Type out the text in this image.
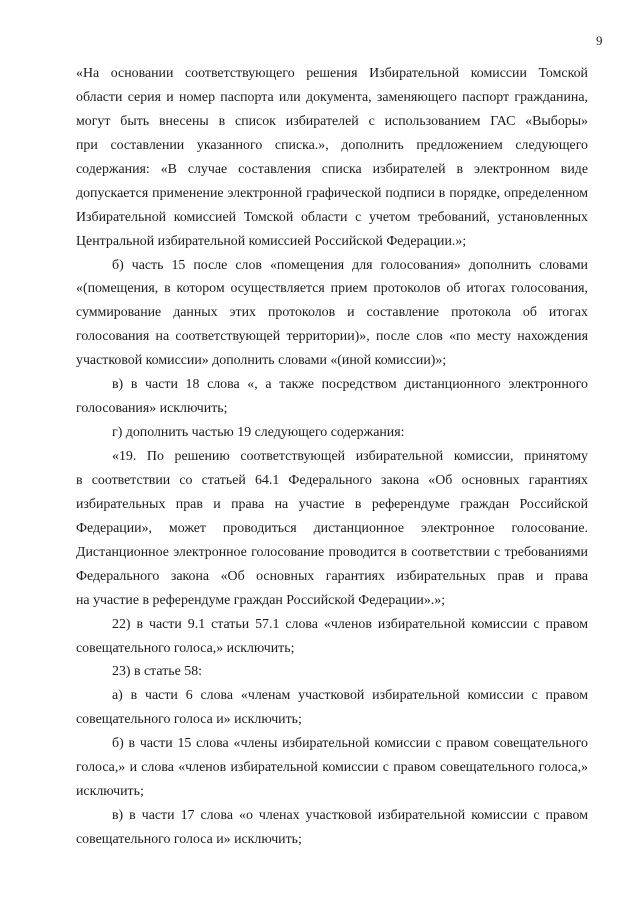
9

«На основании соответствующего решения Избирательной комиссии Томской
области серия и номер паспорта или документа, заменяющего паспорт гражданина,
могут быть внесены в список избирателей с использованием ГАС «Выборы»
при составлении указанного списка.», дополнить предложением следующего
содержания: «В случае составления списка избирателей в электронном виде
допускается применение электронной графической подписи в порядке, определенном
Избирательной комиссией Томской области с учетом требований, установленных
Центральной избирательной комиссией Российской Федерации.»;

б) часть 15 после слов «помещения для голосования» дополнить словами
«(помещения, в котором осуществляется прием протоколов об итогах голосования,
суммирование данных этих протоколов и составление протокола об итогах
голосования на соответствующей территории)», после слов «по месту нахождения
участковой комиссии» дополнить словами «(иной комиссии)»;

в) в части 18 слова «, а также посредством дистанционного электронного
голосования» исключить;

г) дополнить частью 19 следующего содержания:

«19. По решению соответствующей избирательной комиссии, принятому
в соответствии со статьей 64.1 Федерального закона «Об основных гарантиях
избирательных прав и права на участие в референдуме граждан Российской
Федерации», может проводиться дистанционное электронное голосование.
Дистанционное электронное голосование проводится в соответствии с требованиями
Федерального закона «Об основных гарантиях избирательных прав и права
на участие в референдуме граждан Российской Федерации».»;

22) в части 9.1 статьи 57.1 слова «членов избирательной комиссии с правом
совещательного голоса,» исключить;

23) в статье 58:

а) в части 6 слова «членам участковой избирательной комиссии с правом
совещательного голоса и» исключить;

б) в части 15 слова «члены избирательной комиссии с правом совещательного
голоса,» и слова «членов избирательной комиссии с правом совещательного голоса,»
исключить;

в) в части 17 слова «о членах участковой избирательной комиссии с правом
совещательного голоса и» исключить;
